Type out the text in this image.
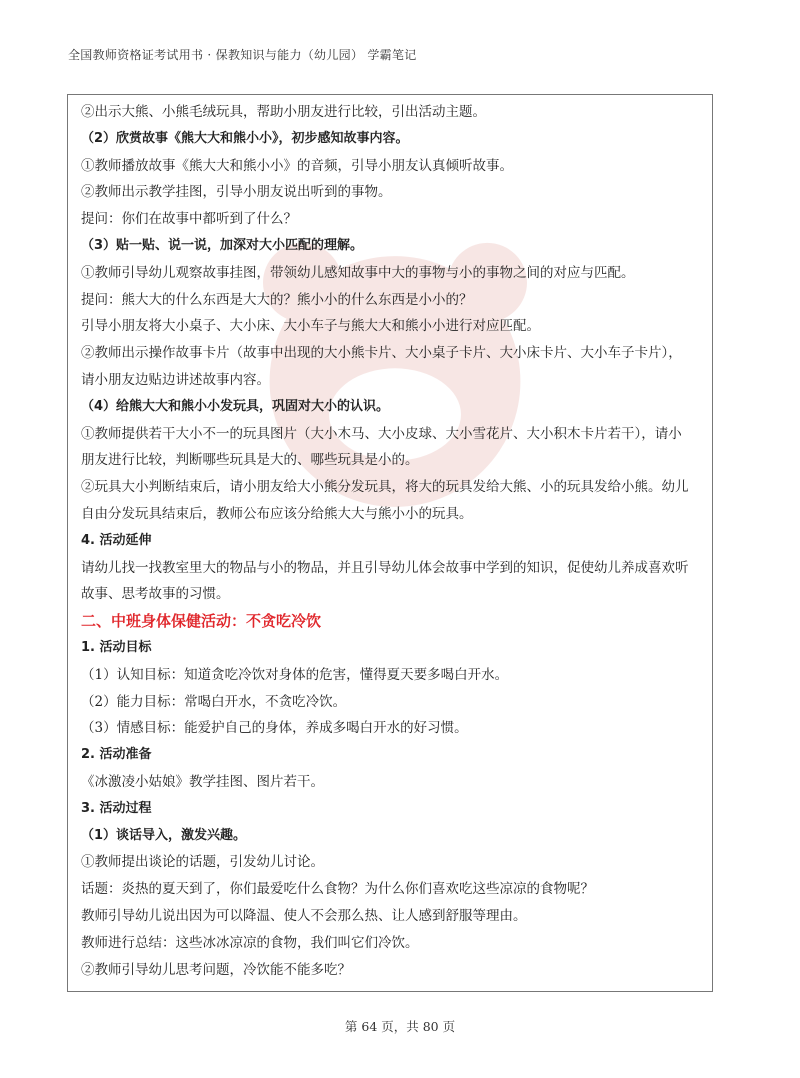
全国教师资格证考试用书 · 保教知识与能力（幼儿园） 学霸笔记
②出示大熊、小熊毛绒玩具，帮助小朋友进行比较，引出活动主题。
（2）欣赏故事《熊大大和熊小小》，初步感知故事内容。
①教师播放故事《熊大大和熊小小》的音频，引导小朋友认真倾听故事。
②教师出示教学挂图，引导小朋友说出听到的事物。
提问：你们在故事中都听到了什么？
（3）贴一贴、说一说，加深对大小匹配的理解。
①教师引导幼儿观察故事挂图，带领幼儿感知故事中大的事物与小的事物之间的对应与匹配。
提问：熊大大的什么东西是大大的？熊小小的什么东西是小小的？
引导小朋友将大小桌子、大小床、大小车子与熊大大和熊小小进行对应匹配。
②教师出示操作故事卡片（故事中出现的大小熊卡片、大小桌子卡片、大小床卡片、大小车子卡片），
请小朋友边贴边讲述故事内容。
（4）给熊大大和熊小小发玩具，巩固对大小的认识。
①教师提供若干大小不一的玩具图片（大小木马、大小皮球、大小雪花片、大小积木卡片若干），请小
朋友进行比较，判断哪些玩具是大的、哪些玩具是小的。
②玩具大小判断结束后，请小朋友给大小熊分发玩具，将大的玩具发给大熊、小的玩具发给小熊。幼儿
自由分发玩具结束后，教师公布应该分给熊大大与熊小小的玩具。
4. 活动延伸
请幼儿找一找教室里大的物品与小的物品，并且引导幼儿体会故事中学到的知识，促使幼儿养成喜欢听
故事、思考故事的习惯。
二、中班身体保健活动：不贪吃冷饮
1. 活动目标
（1）认知目标：知道贪吃冷饮对身体的危害，懂得夏天要多喝白开水。
（2）能力目标：常喝白开水，不贪吃冷饮。
（3）情感目标：能爱护自己的身体，养成多喝白开水的好习惯。
2. 活动准备
《冰激凌小姑娘》教学挂图、图片若干。
3. 活动过程
（1）谈话导入，激发兴趣。
①教师提出谈论的话题，引发幼儿讨论。
话题：炎热的夏天到了，你们最爱吃什么食物？为什么你们喜欢吃这些凉凉的食物呢？
教师引导幼儿说出因为可以降温、使人不会那么热、让人感到舒服等理由。
教师进行总结：这些冰冰凉凉的食物，我们叫它们冷饮。
②教师引导幼儿思考问题，冷饮能不能多吃？
第 64 页，共 80 页
